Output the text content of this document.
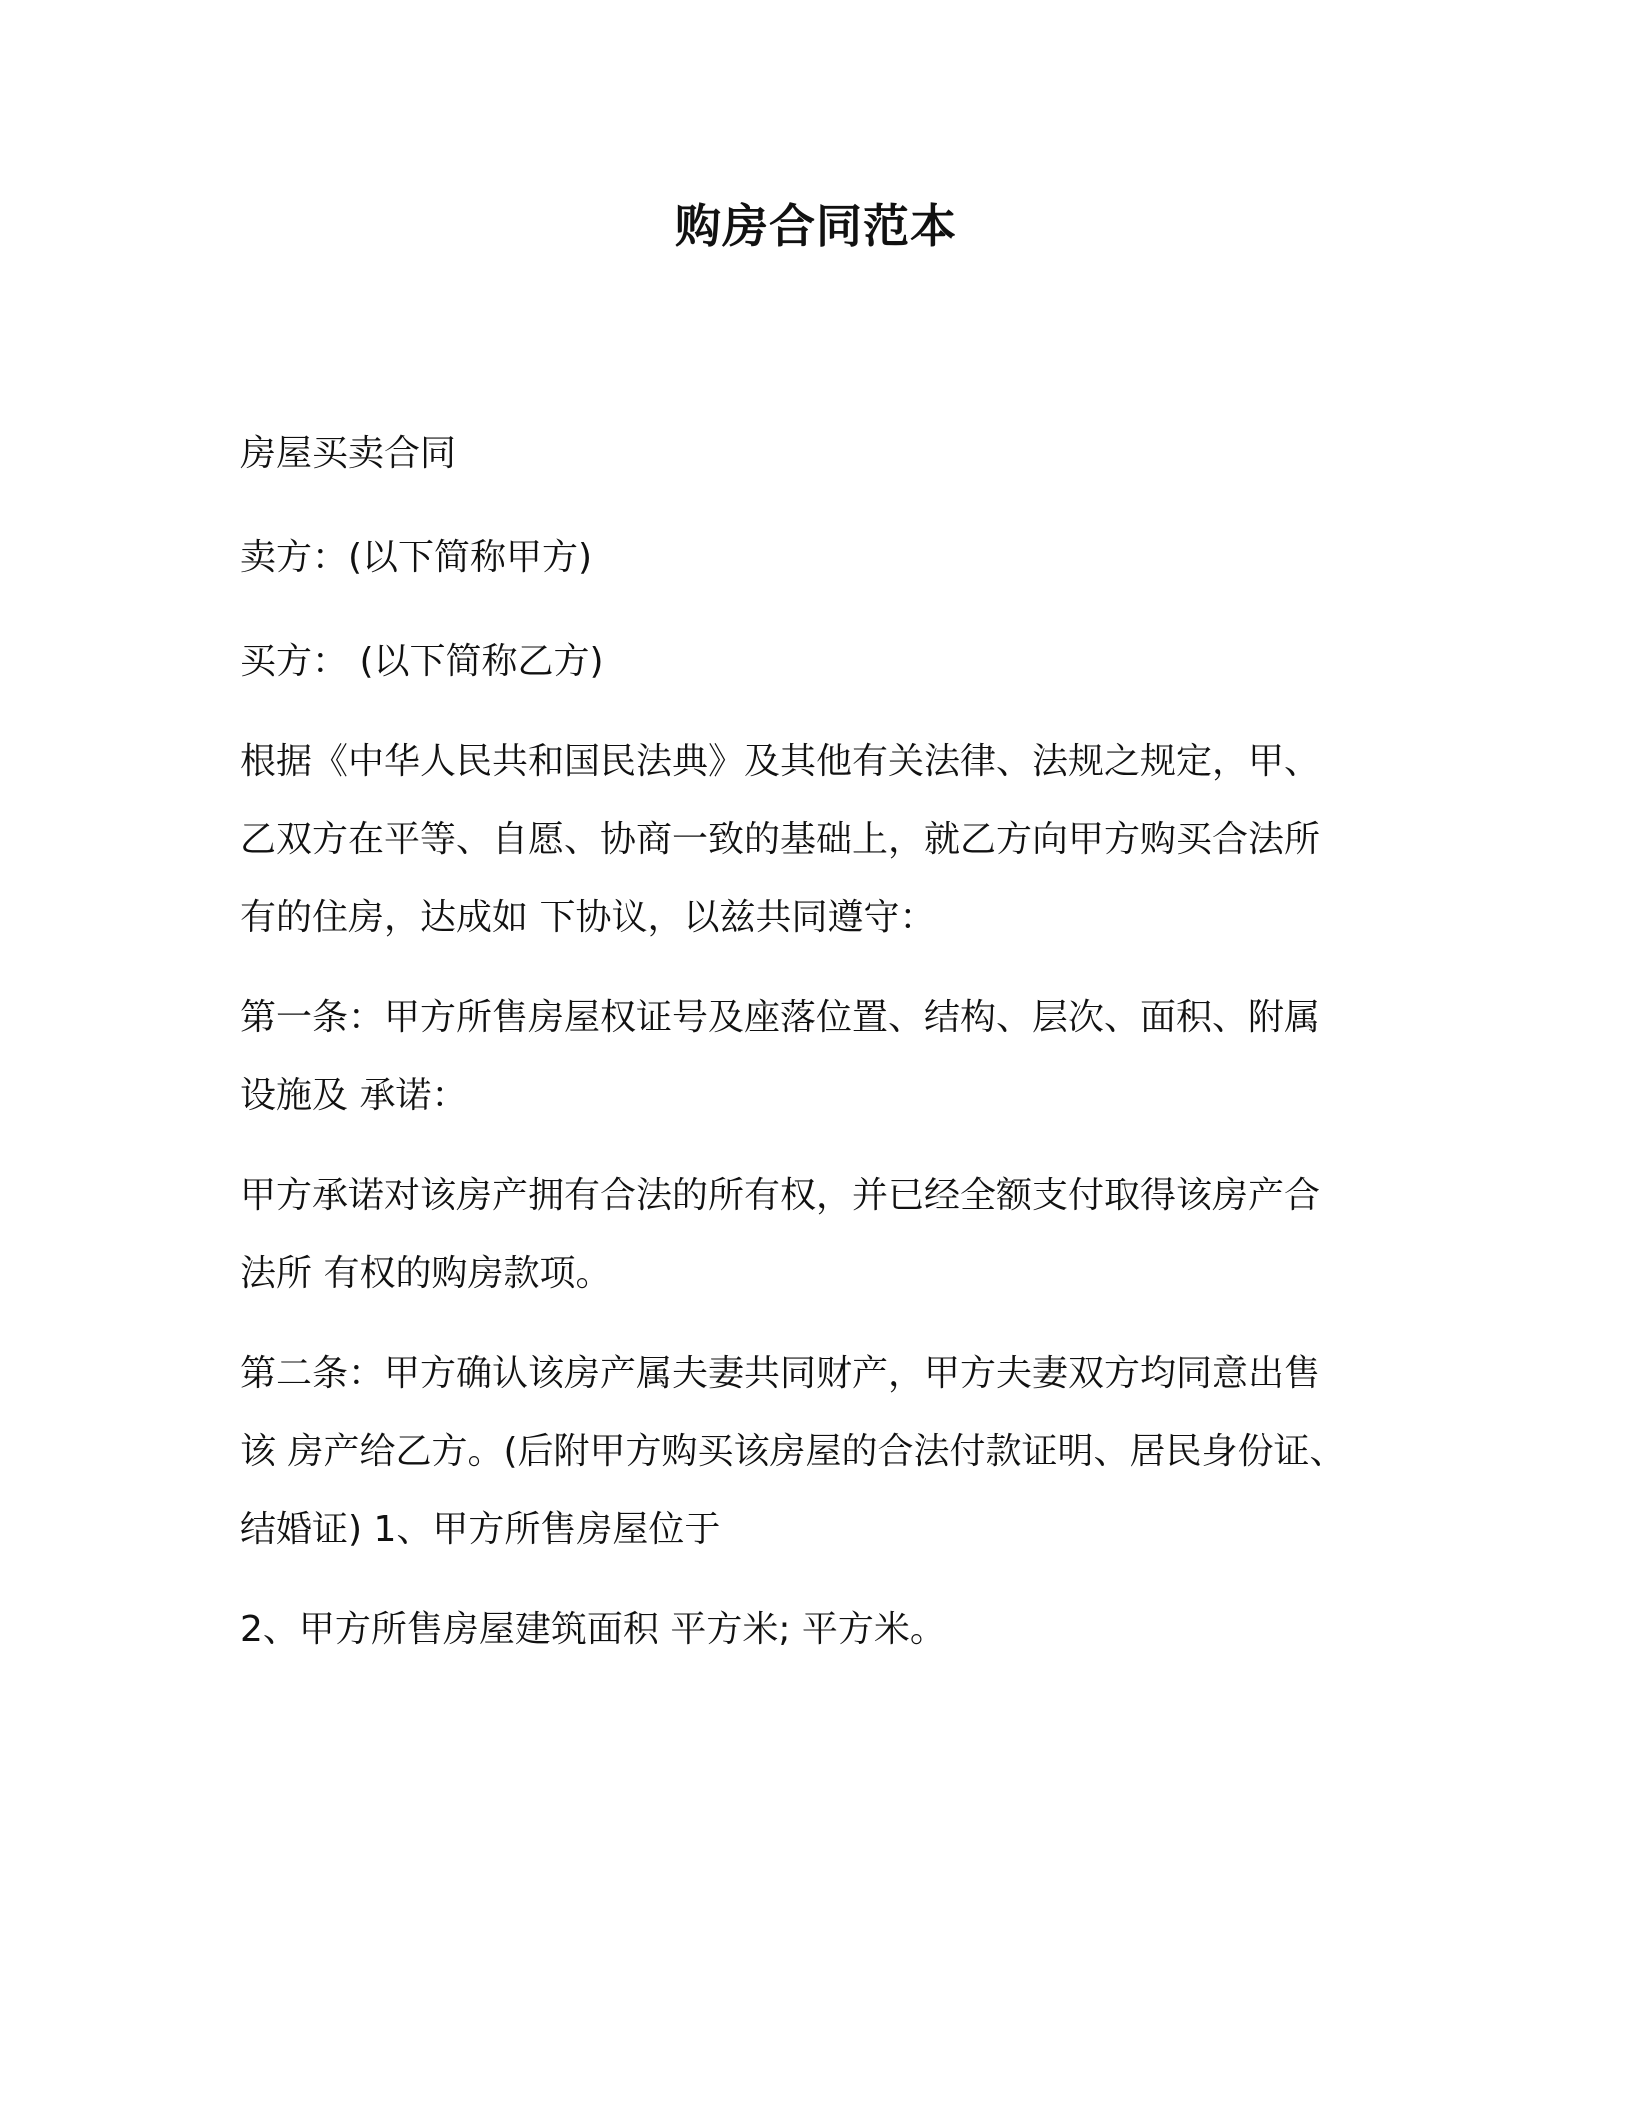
购房合同范本

房屋买卖合同

卖方：(以下简称甲方)

买方： (以下简称乙方)

根据《中华人民共和国民法典》及其他有关法律、法规之规定，甲、

乙双方在平等、自愿、协商一致的基础上，就乙方向甲方购买合法所

有的住房，达成如 下协议，以兹共同遵守：

第一条：甲方所售房屋权证号及座落位置、结构、层次、面积、附属

设施及 承诺：

甲方承诺对该房产拥有合法的所有权，并已经全额支付取得该房产合

法所 有权的购房款项。

第二条：甲方确认该房产属夫妻共同财产，甲方夫妻双方均同意出售

该 房产给乙方。(后附甲方购买该房屋的合法付款证明、居民身份证、

结婚证) 1、甲方所售房屋位于

2、甲方所售房屋建筑面积 平方米; 平方米。
